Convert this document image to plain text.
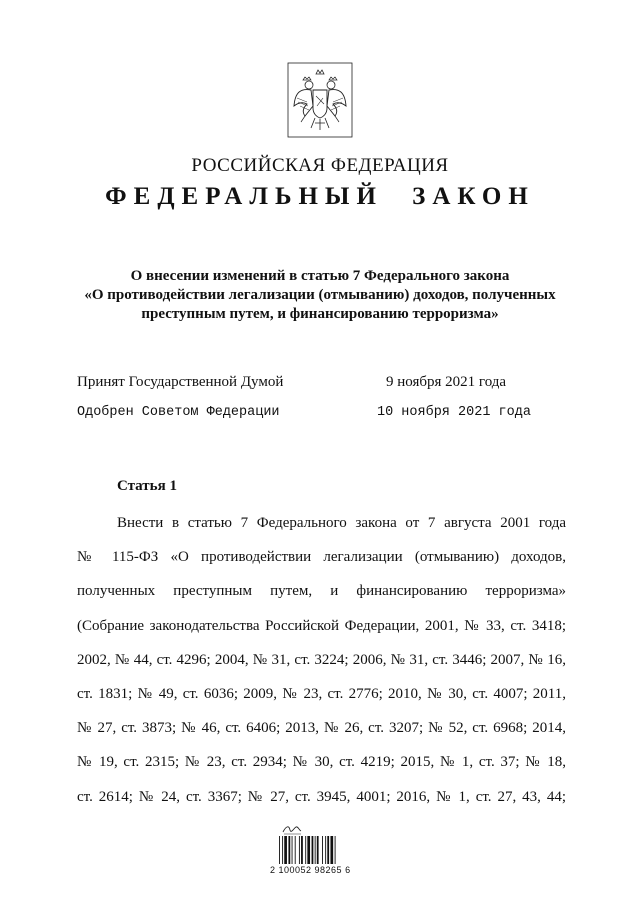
РОССИЙСКАЯ ФЕДЕРАЦИЯ
ФЕДЕРАЛЬНЫЙ ЗАКОН
О внесении изменений в статью 7 Федерального закона
«О противодействии легализации (отмыванию) доходов, полученных
преступным путем, и финансированию терроризма»
Принят Государственной Думой	9 ноября 2021 года
Одобрен Советом Федерации	10 ноября 2021 года
Статья 1
Внести в статью 7 Федерального закона от 7 августа 2001 года
№ 115-ФЗ «О противодействии легализации (отмыванию) доходов,
полученных преступным путем, и финансированию терроризма»
(Собрание законодательства Российской Федерации, 2001, № 33, ст. 3418;
2002, № 44, ст. 4296; 2004, № 31, ст. 3224; 2006, № 31, ст. 3446; 2007, № 16,
ст. 1831; № 49, ст. 6036; 2009, № 23, ст. 2776; 2010, № 30, ст. 4007; 2011,
№ 27, ст. 3873; № 46, ст. 6406; 2013, № 26, ст. 3207; № 52, ст. 6968; 2014,
№ 19, ст. 2315; № 23, ст. 2934; № 30, ст. 4219; 2015, № 1, ст. 37; № 18,
ст. 2614; № 24, ст. 3367; № 27, ст. 3945, 4001; 2016, № 1, ст. 27, 43, 44;
2 100052 98265 6
